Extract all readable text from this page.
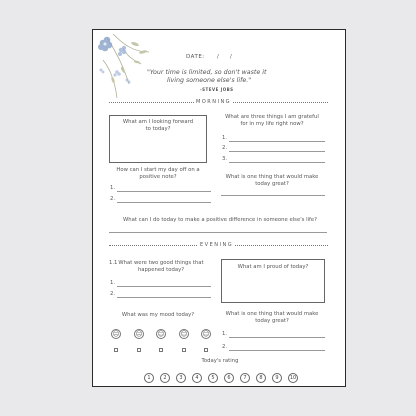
DATE: / /
"Your time is limited, so don't waste it
living someone else's life."
-STEVE JOBS
MORNING
What am I looking forward
to today?
What are three things I am grateful
for in my life right now?
1.
2.
3.
How can I start my day off on a
positive note?
1.
2.
What is one thing that would make
today great?
What can I do today to make a positive difference in someone else's life?
EVENING
1.1 What were two good things that
happened today?
1.
2.
What am I proud of today?
What was my mood today?
☹ ☹ ☺ ☺ ☺
What is one thing that would make
today great?
1.
2.
Today's rating
1	2	3	4	5	6	7	8	9	10
